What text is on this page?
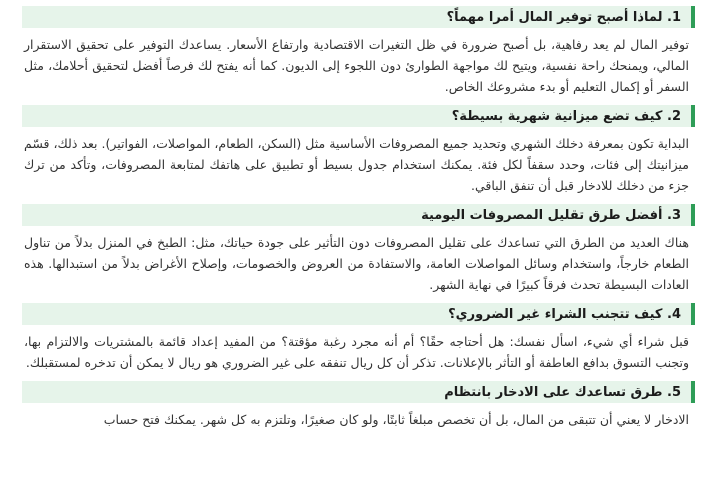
1. لماذا أصبح توفير المال أمرا مهماً؟

توفير المال لم يعد رفاهية، بل أصبح ضرورة في ظل التغيرات الاقتصادية وارتفاع الأسعار. يساعدك التوفير على تحقيق الاستقرار المالي، ويمنحك راحة نفسية، ويتيح لك مواجهة الطوارئ دون اللجوء إلى الديون. كما أنه يفتح لك فرصاً أفضل لتحقيق أحلامك، مثل السفر أو إكمال التعليم أو بدء مشروعك الخاص.

2. كيف تضع ميزانية شهرية بسيطة؟

البداية تكون بمعرفة دخلك الشهري وتحديد جميع المصروفات الأساسية مثل (السكن، الطعام، المواصلات، الفواتير). بعد ذلك، قسّم ميزانيتك إلى فئات، وحدد سقفاً لكل فئة. يمكنك استخدام جدول بسيط أو تطبيق على هاتفك لمتابعة المصروفات، وتأكد من ترك جزء من دخلك للادخار قبل أن تنفق الباقي.

3. أفضل طرق تقليل المصروفات اليومية

هناك العديد من الطرق التي تساعدك على تقليل المصروفات دون التأثير على جودة حياتك، مثل: الطبخ في المنزل بدلاً من تناول الطعام خارجاً، واستخدام وسائل المواصلات العامة، والاستفادة من العروض والخصومات، وإصلاح الأغراض بدلاً من استبدالها. هذه العادات البسيطة تحدث فرقاً كبيرًا في نهاية الشهر.

4. كيف تتجنب الشراء غير الضروري؟

قبل شراء أي شيء، اسأل نفسك: هل أحتاجه حقًا؟ أم أنه مجرد رغبة مؤقتة؟ من المفيد إعداد قائمة بالمشتريات والالتزام بها، وتجنب التسوق بدافع العاطفة أو التأثر بالإعلانات. تذكر أن كل ريال تنفقه على غير الضروري هو ريال لا يمكن أن تدخره لمستقبلك.

5. طرق تساعدك على الادخار بانتظام

الادخار لا يعني أن تتبقى من المال، بل أن تخصص مبلغاً ثابتًا، ولو كان صغيرًا، وتلتزم به كل شهر. يمكنك فتح حساب
